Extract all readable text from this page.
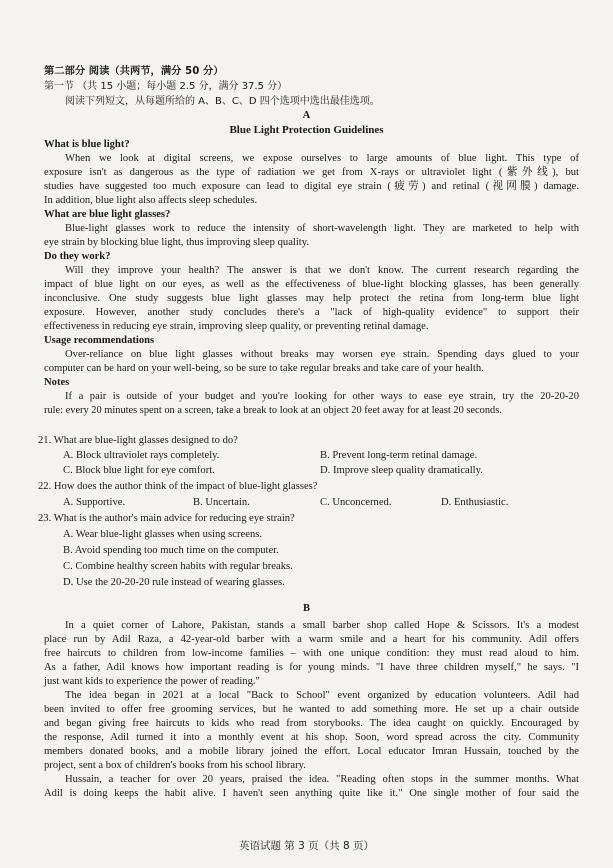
第二部分 阅读（共两节，满分 50 分）
第一节 （共 15 小题；每小题 2.5 分，满分 37.5 分）
阅读下列短文，从每题所给的 A、B、C、D 四个选项中选出最佳选项。
A
Blue Light Protection Guidelines
What is blue light?
When we look at digital screens, we expose ourselves to large amounts of blue light. This type of
exposure isn't as dangerous as the type of radiation we get from X-rays or ultraviolet light (紫外线), but
studies have suggested too much exposure can lead to digital eye strain (疲劳) and retinal (视网膜) damage.
In addition, blue light also affects sleep schedules.
What are blue light glasses?
Blue-light glasses work to reduce the intensity of short-wavelength light. They are marketed to help with
eye strain by blocking blue light, thus improving sleep quality.
Do they work?
Will they improve your health? The answer is that we don't know. The current research regarding the
impact of blue light on our eyes, as well as the effectiveness of blue-light blocking glasses, has been generally
inconclusive. One study suggests blue light glasses may help protect the retina from long-term blue light
exposure. However, another study concludes there's a "lack of high-quality evidence" to support their
effectiveness in reducing eye strain, improving sleep quality, or preventing retinal damage.
Usage recommendations
Over-reliance on blue light glasses without breaks may worsen eye strain. Spending days glued to your
computer can be hard on your well-being, so be sure to take regular breaks and take care of your health.
Notes
If a pair is outside of your budget and you're looking for other ways to ease eye strain, try the 20-20-20
rule: every 20 minutes spent on a screen, take a break to look at an object 20 feet away for at least 20 seconds.
21. What are blue-light glasses designed to do?
A. Block ultraviolet rays completely.	B. Prevent long-term retinal damage.
C. Block blue light for eye comfort.	D. Improve sleep quality dramatically.
22. How does the author think of the impact of blue-light glasses?
A. Supportive.	B. Uncertain.	C. Unconcerned.	D. Enthusiastic.
23. What is the author's main advice for reducing eye strain?
A. Wear blue-light glasses when using screens.
B. Avoid spending too much time on the computer.
C. Combine healthy screen habits with regular breaks.
D. Use the 20-20-20 rule instead of wearing glasses.
B
In a quiet corner of Lahore, Pakistan, stands a small barber shop called Hope & Scissors. It's a modest
place run by Adil Raza, a 42-year-old barber with a warm smile and a heart for his community. Adil offers
free haircuts to children from low-income families – with one unique condition: they must read aloud to him.
As a father, Adil knows how important reading is for young minds. "I have three children myself," he says. "I
just want kids to experience the power of reading."
The idea began in 2021 at a local "Back to School" event organized by education volunteers. Adil had
been invited to offer free grooming services, but he wanted to add something more. He set up a chair outside
and began giving free haircuts to kids who read from storybooks. The idea caught on quickly. Encouraged by
the response, Adil turned it into a monthly event at his shop. Soon, word spread across the city. Community
members donated books, and a mobile library joined the effort. Local educator Imran Hussain, touched by the
project, sent a box of children's books from his school library.
Hussain, a teacher for over 20 years, praised the idea. "Reading often stops in the summer months. What
Adil is doing keeps the habit alive. I haven't seen anything quite like it." One single mother of four said the
英语试题 第 3 页（共 8 页）
